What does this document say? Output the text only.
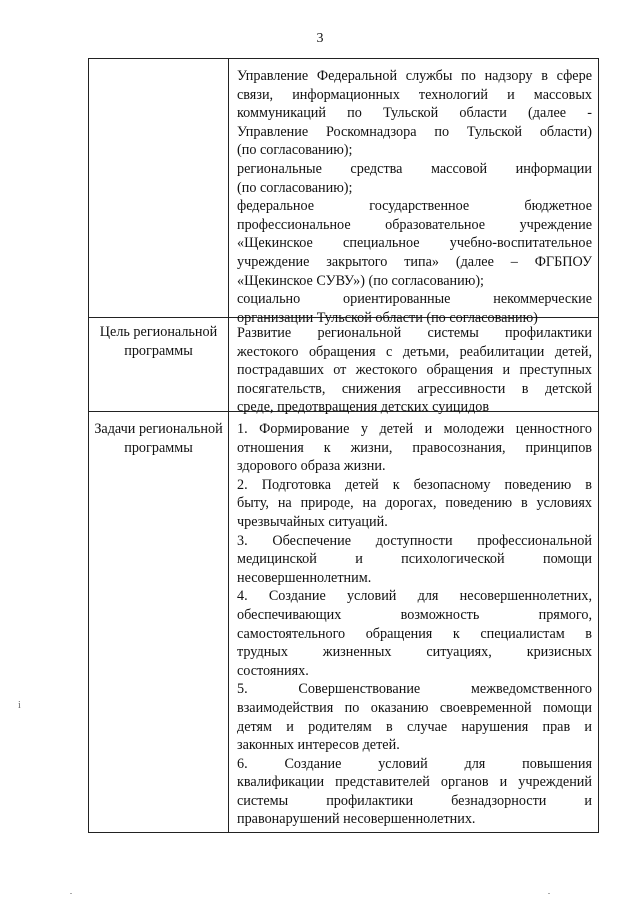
3
i

Управление Федеральной службы по надзору в сфере

связи, информационных технологий и массовых

коммуникаций по Тульской области (далее -

Управление Роскомнадзора по Тульской области)

(по согласованию);

региональные средства массовой информации

(по согласованию);

федеральное государственное бюджетное

профессиональное образовательное учреждение

«Щекинское специальное учебно-воспитательное

учреждение закрытого типа» (далее – ФГБПОУ

«Щекинское СУВУ») (по согласованию);

социально ориентированные некоммерческие

организации Тульской области (по согласованию)

Цель региональной
программы

Развитие региональной системы профилактики

жестокого обращения с детьми, реабилитации детей,

пострадавших от жестокого обращения и преступных

посягательств, снижения агрессивности в детской

среде, предотвращения детских суицидов

Задачи региональной
программы

1. Формирование у детей и молодежи ценностного

отношения к жизни, правосознания, принципов

здорового образа жизни.

2. Подготовка детей к безопасному поведению в

быту, на природе, на дорогах, поведению в условиях

чрезвычайных ситуаций.

3. Обеспечение доступности профессиональной

медицинской и психологической помощи

несовершеннолетним.

4. Создание условий для несовершеннолетних,

обеспечивающих возможность прямого,

самостоятельного обращения к специалистам в

трудных жизненных ситуациях, кризисных

состояниях.

5. Совершенствование межведомственного

взаимодействия по оказанию своевременной помощи

детям и родителям в случае нарушения прав и

законных интересов детей.

6. Создание условий для повышения

квалификации представителей органов и учреждений

системы профилактики безнадзорности и

правонарушений несовершеннолетних.
